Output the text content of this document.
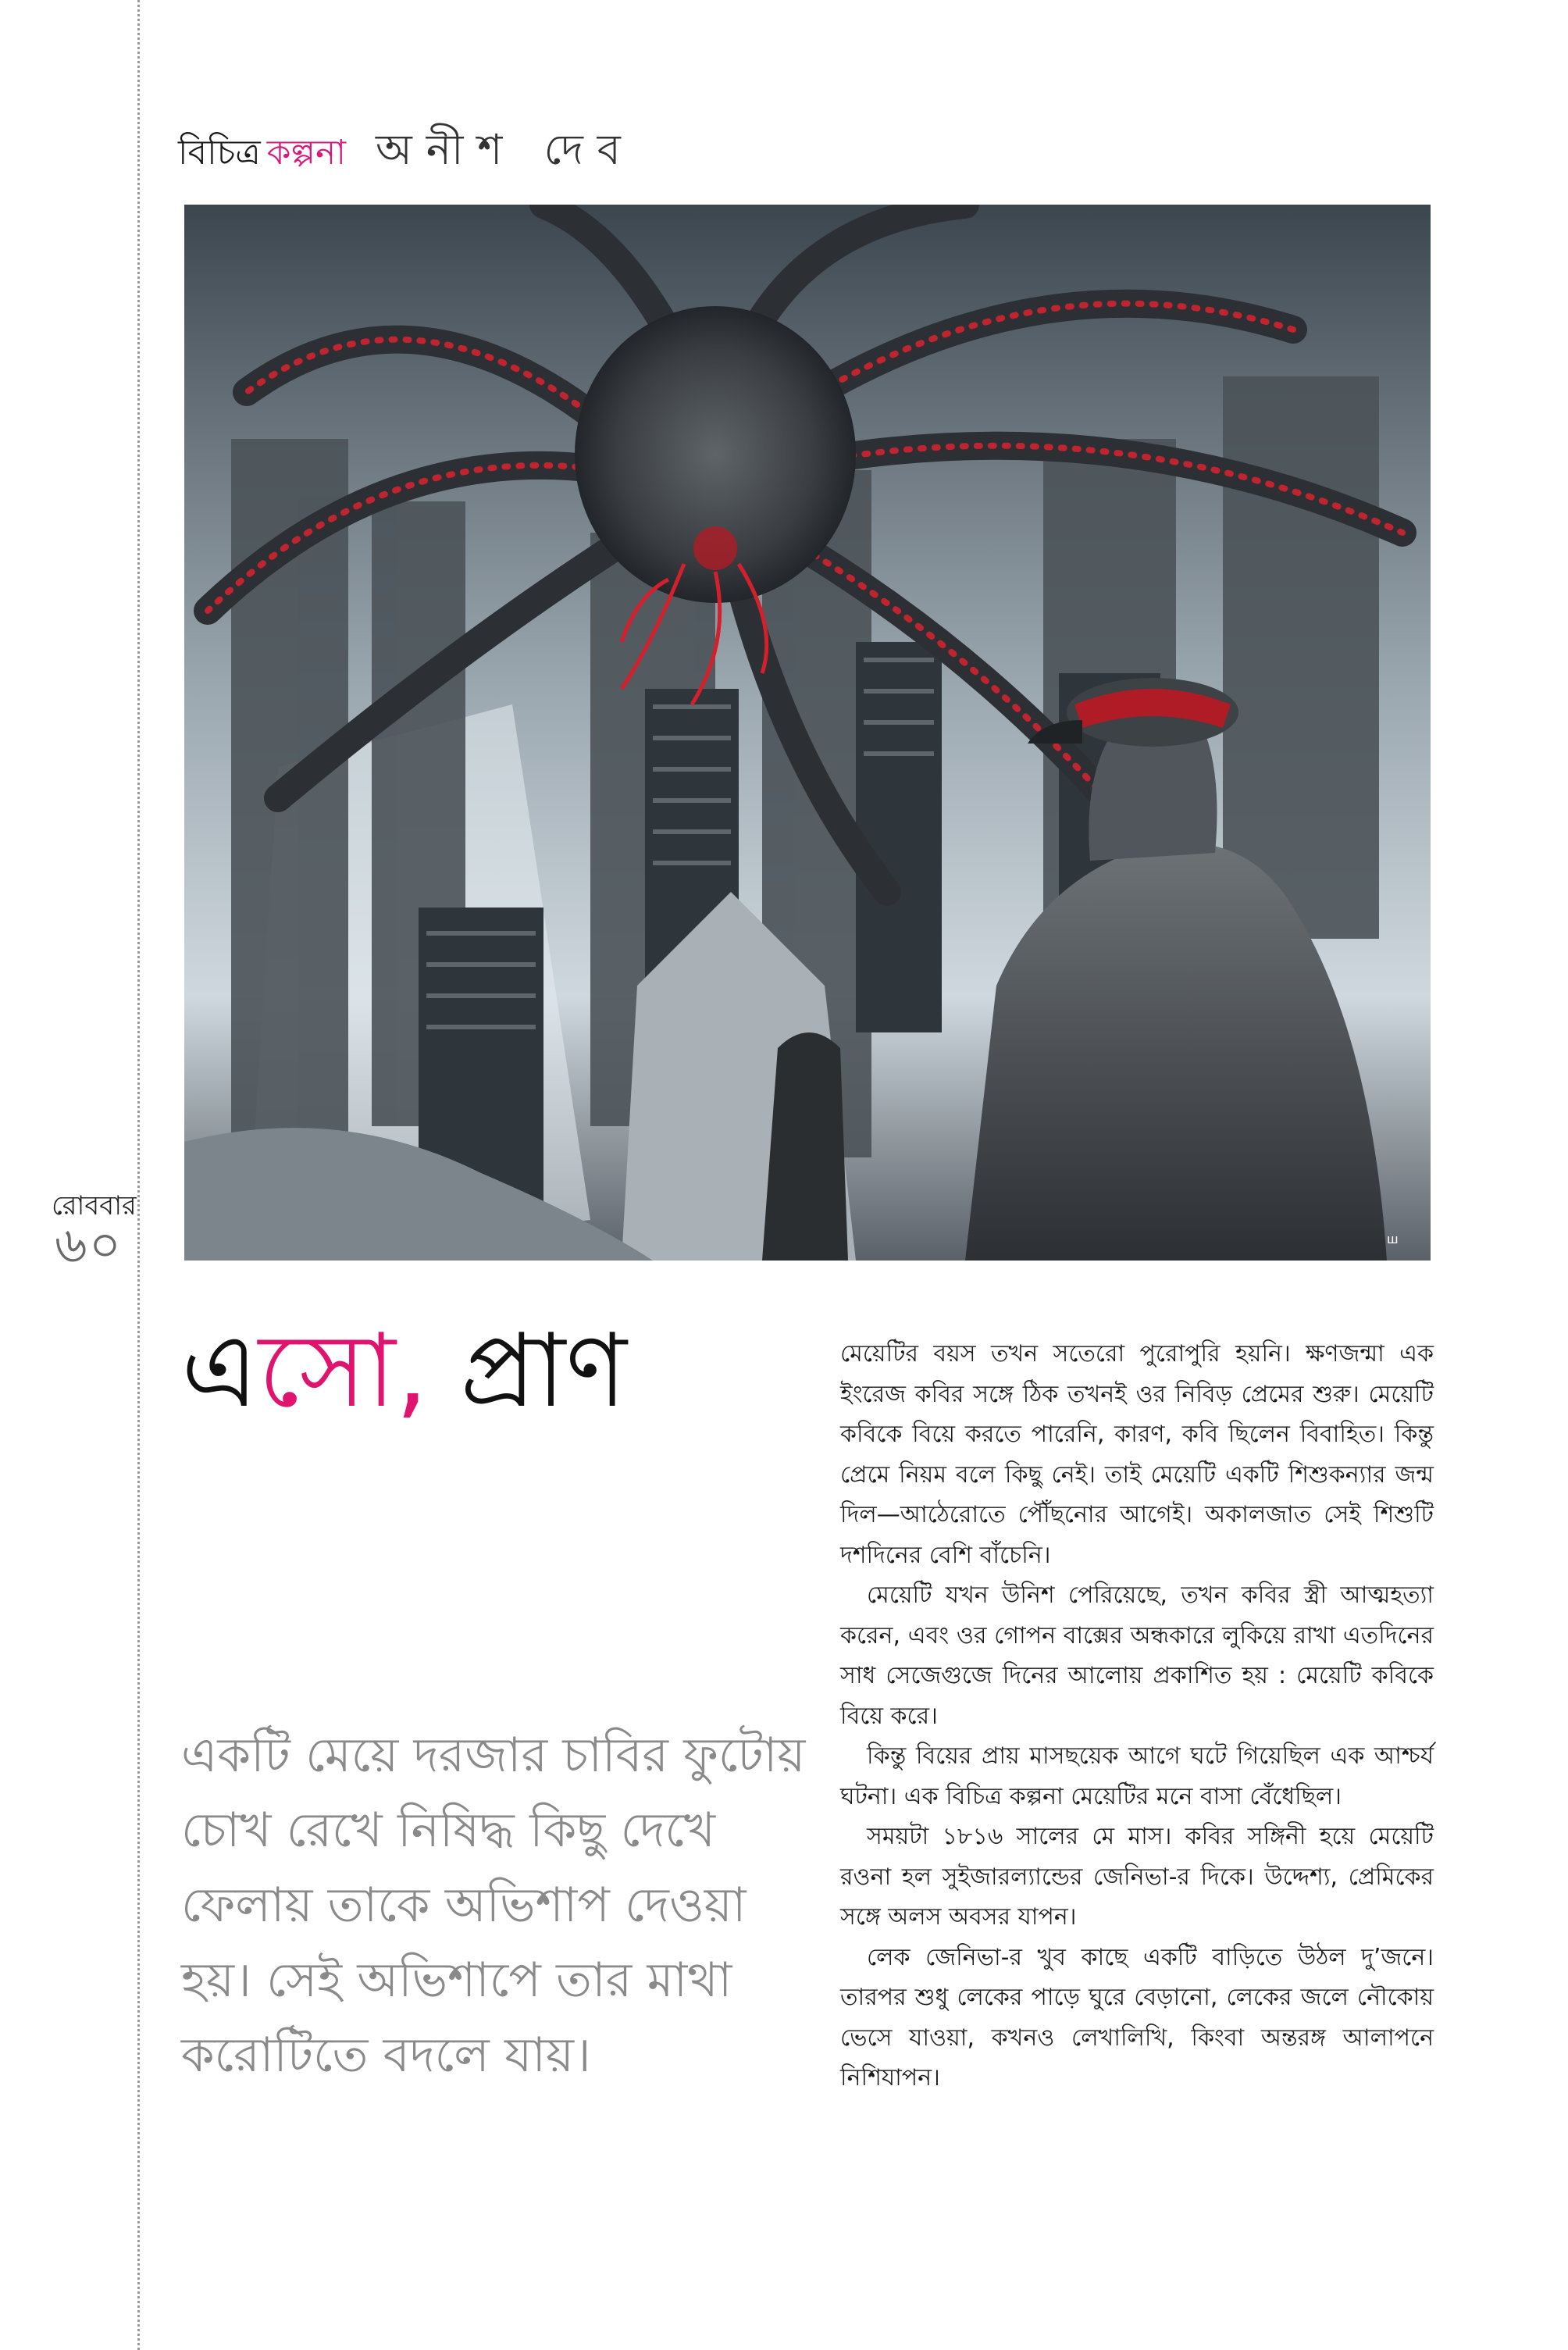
বিচিত্র কল্পনা অনীশ দেব
ш
রোববার
৬০
এসো, প্রাণ

একটি মেয়ে দরজার চাবির ফুটোয় চোখ রেখে নিষিদ্ধ কিছু দেখে ফেলায় তাকে অভিশাপ দেওয়া হয়। সেই অভিশাপে তার মাথা করোটিতে বদলে যায়।

মেয়েটির বয়স তখন সতেরো পুরোপুরি হয়নি। ক্ষণজন্মা এক ইংরেজ কবির সঙ্গে ঠিক তখনই ওর নিবিড় প্রেমের শুরু। মেয়েটি কবিকে বিয়ে করতে পারেনি, কারণ, কবি ছিলেন বিবাহিত। কিন্তু প্রেমে নিয়ম বলে কিছু নেই। তাই মেয়েটি একটি শিশুকন্যার জন্ম দিল—আঠেরোতে পৌঁছনোর আগেই। অকালজাত সেই শিশুটি দশদিনের বেশি বাঁচেনি।

মেয়েটি যখন উনিশ পেরিয়েছে, তখন কবির স্ত্রী আত্মহত্যা করেন, এবং ওর গোপন বাক্সের অন্ধকারে লুকিয়ে রাখা এতদিনের সাধ সেজেগুজে দিনের আলোয় প্রকাশিত হয় : মেয়েটি কবিকে বিয়ে করে।

কিন্তু বিয়ের প্রায় মাসছয়েক আগে ঘটে গিয়েছিল এক আশ্চর্য ঘটনা। এক বিচিত্র কল্পনা মেয়েটির মনে বাসা বেঁধেছিল।

সময়টা ১৮১৬ সালের মে মাস। কবির সঙ্গিনী হয়ে মেয়েটি রওনা হল সুইজারল্যান্ডের জেনিভা-র দিকে। উদ্দেশ্য, প্রেমিকের সঙ্গে অলস অবসর যাপন।

লেক জেনিভা-র খুব কাছে একটি বাড়িতে উঠল দু’জনে। তারপর শুধু লেকের পাড়ে ঘুরে বেড়ানো, লেকের জলে নৌকোয় ভেসে যাওয়া, কখনও লেখালিখি, কিংবা অন্তরঙ্গ আলাপনে নিশিযাপন।
